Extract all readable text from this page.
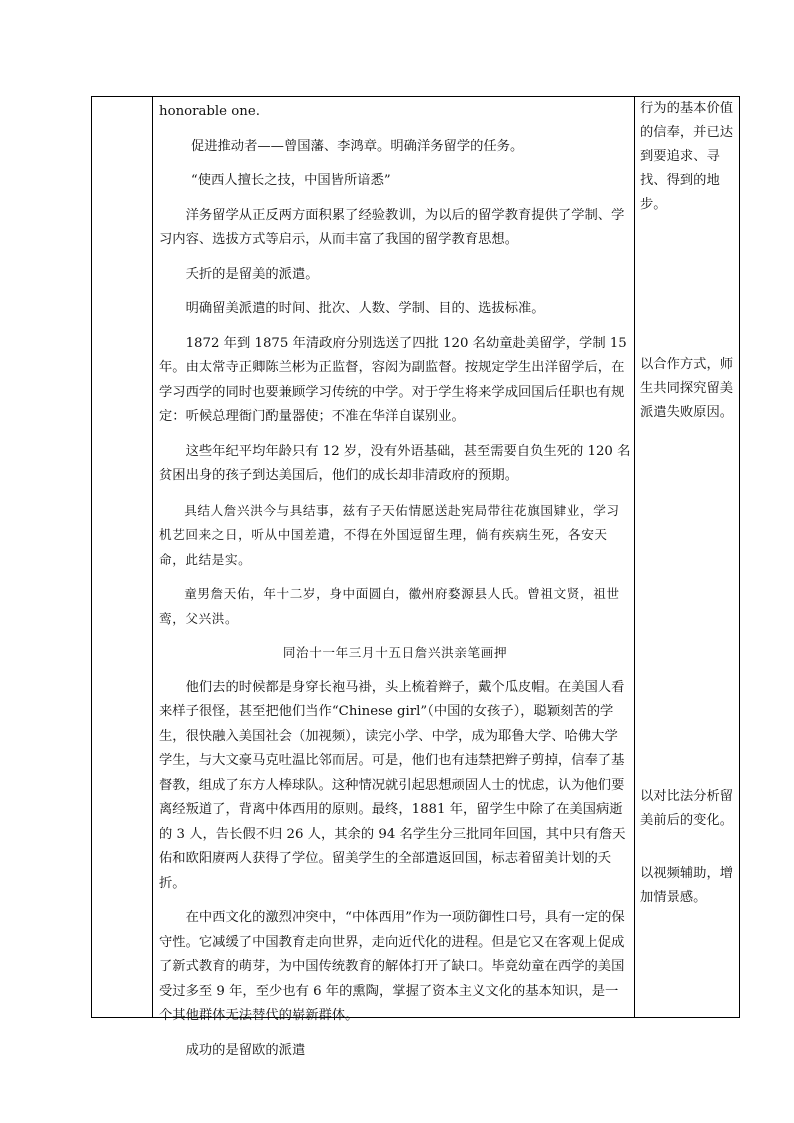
honorable one.

促进推动者——曾国藩、李鸿章。明确洋务留学的任务。

“使西人擅长之技，中国皆所谙悉”

洋务留学从正反两方面积累了经验教训，为以后的留学教育提供了学制、学习内容、选拔方式等启示，从而丰富了我国的留学教育思想。

夭折的是留美的派遣。

明确留美派遣的时间、批次、人数、学制、目的、选拔标准。

1872 年到 1875 年清政府分别选送了四批 120 名幼童赴美留学，学制 15 年。由太常寺正卿陈兰彬为正监督，容闳为副监督。按规定学生出洋留学后，在学习西学的同时也要兼顾学习传统的中学。对于学生将来学成回国后任职也有规定：听候总理衙门酌量器使；不准在华洋自谋别业。

这些年纪平均年龄只有 12 岁，没有外语基础，甚至需要自负生死的 120 名贫困出身的孩子到达美国后，他们的成长却非清政府的预期。

具结人詹兴洪今与具结事，兹有子天佑情愿送赴宪局带往花旗国肄业，学习机艺回来之日，听从中国差遣，不得在外国逗留生理，倘有疾病生死，各安天命，此结是实。

童男詹天佑，年十二岁，身中面圆白，徽州府婺源县人氏。曾祖文贤，祖世鸾，父兴洪。

同治十一年三月十五日詹兴洪亲笔画押

他们去的时候都是身穿长袍马褂，头上梳着辫子，戴个瓜皮帽。在美国人看来样子很怪，甚至把他们当作“Chinese girl”（中国的女孩子），聪颖刻苦的学生，很快融入美国社会（加视频），读完小学、中学，成为耶鲁大学、哈佛大学学生，与大文豪马克吐温比邻而居。可是，他们也有违禁把辫子剪掉，信奉了基督教，组成了东方人棒球队。这种情况就引起思想顽固人士的忧虑，认为他们要离经叛道了，背离中体西用的原则。最终，1881 年，留学生中除了在美国病逝的 3 人，告长假不归 26 人，其余的 94 名学生分三批同年回国，其中只有詹天佑和欧阳赓两人获得了学位。留美学生的全部遣返回国，标志着留美计划的夭折。

在中西文化的激烈冲突中，“中体西用”作为一项防御性口号，具有一定的保守性。它减缓了中国教育走向世界，走向近代化的进程。但是它又在客观上促成了新式教育的萌芽，为中国传统教育的解体打开了缺口。毕竟幼童在西学的美国受过多至 9 年，至少也有 6 年的熏陶，掌握了资本主义文化的基本知识，是一个其他群体无法替代的崭新群体。

成功的是留欧的派遣

行为的基本价值的信奉，并已达到要追求、寻找、得到的地步。

以合作方式，师生共同探究留美派遣失败原因。

以对比法分析留美前后的变化。

以视频辅助，增加情景感。
